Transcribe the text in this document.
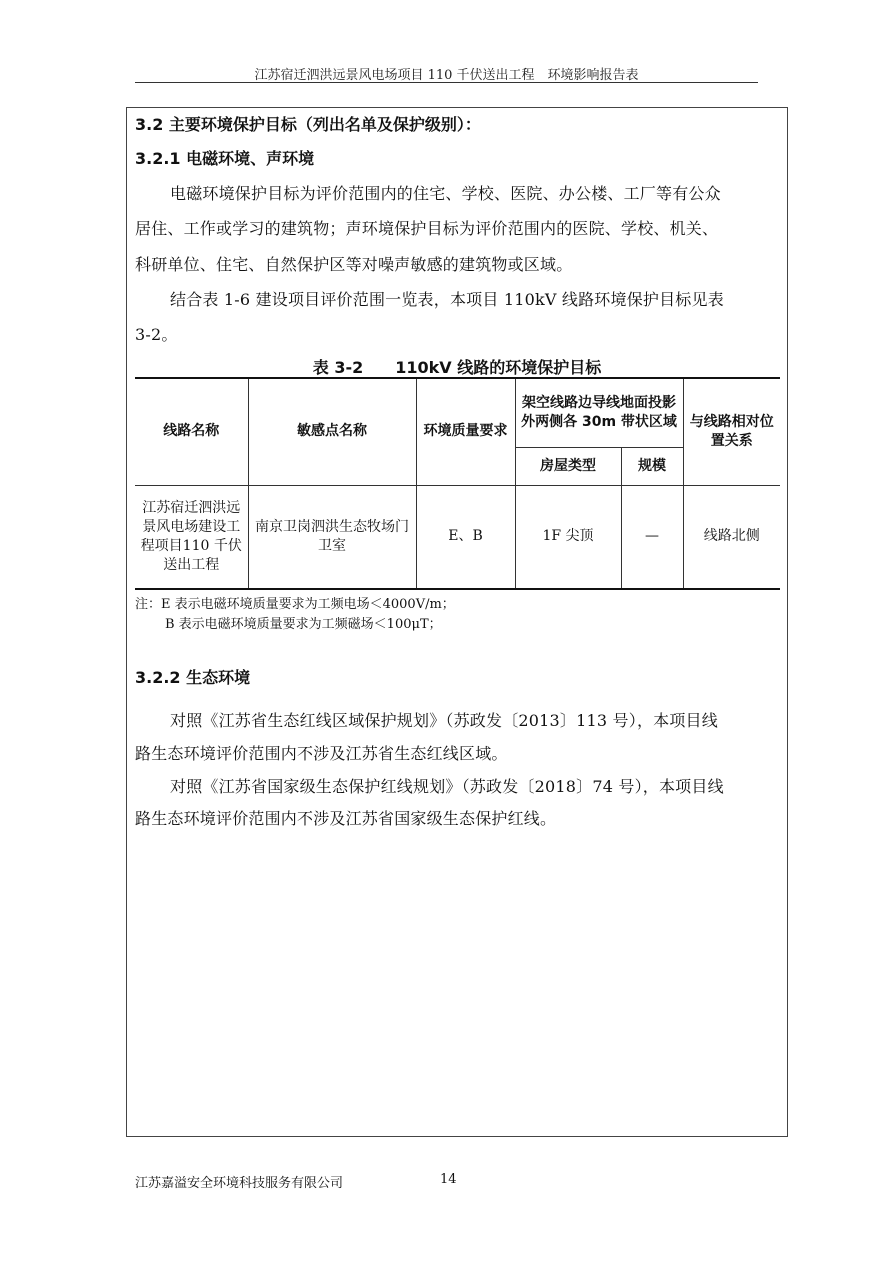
江苏宿迁泗洪远景风电场项目 110 千伏送出工程　环境影响报告表
3.2 主要环境保护目标（列出名单及保护级别）：
3.2.1 电磁环境、声环境
电磁环境保护目标为评价范围内的住宅、学校、医院、办公楼、工厂等有公众
居住、工作或学习的建筑物；声环境保护目标为评价范围内的医院、学校、机关、
科研单位、住宅、自然保护区等对噪声敏感的建筑物或区域。
结合表 1-6 建设项目评价范围一览表，本项目 110kV 线路环境保护目标见表
3-2。
表 3-2　　110kV 线路的环境保护目标
线路名称	敏感点名称	环境质量要求	架空线路边导线地面投影外两侧各 30m 带状区域		与线路相对位置关系
			房屋类型	规模	
江苏宿迁泗洪远景风电场建设工程项目110 千伏送出工程	南京卫岗泗洪生态牧场门卫室	E、B	1F 尖顶	—	线路北侧
注：E 表示电磁环境质量要求为工频电场＜4000V/m；
B 表示电磁环境质量要求为工频磁场＜100μT；
3.2.2 生态环境
对照《江苏省生态红线区域保护规划》（苏政发〔2013〕113 号），本项目线
路生态环境评价范围内不涉及江苏省生态红线区域。
对照《江苏省国家级生态保护红线规划》（苏政发〔2018〕74 号），本项目线
路生态环境评价范围内不涉及江苏省国家级生态保护红线。
江苏嘉溢安全环境科技服务有限公司	14
